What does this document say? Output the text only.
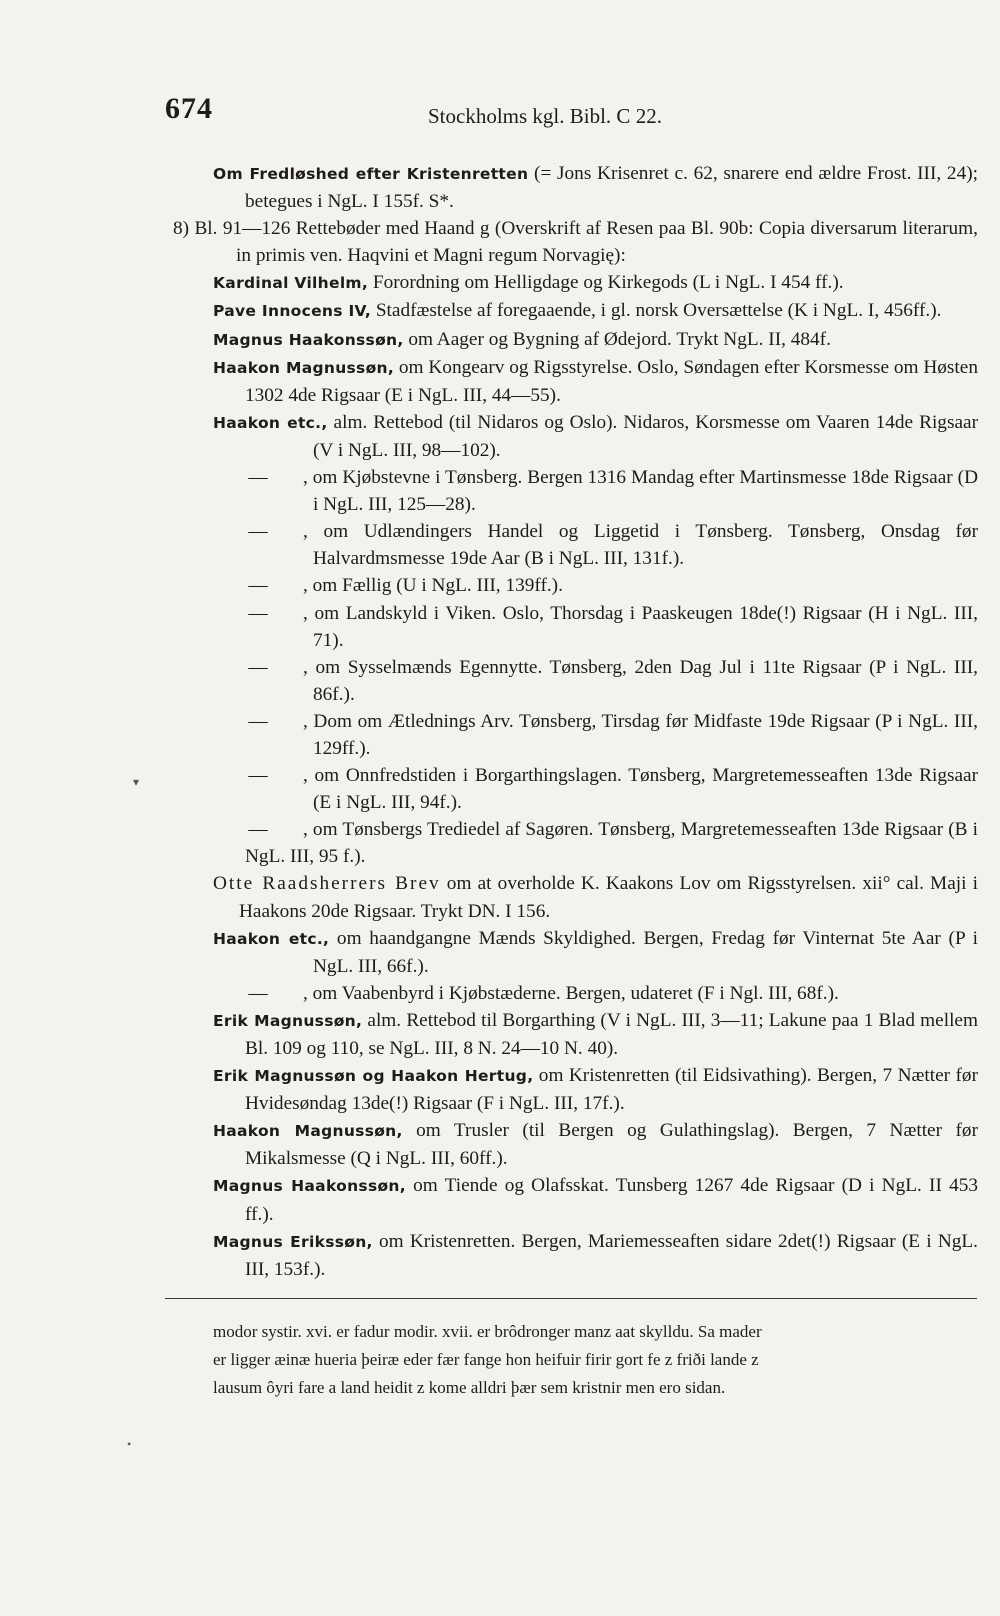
674	Stockholms kgl. Bibl. C 22.

Om Fredløshed efter Kristenretten (= Jons Krisenret c. 62, snarere end ældre Frost. III, 24); betegues i NgL. I 155f. S*.

8) Bl. 91—126 Rettebøder med Haand g (Overskrift af Resen paa Bl. 90b: Copia diversarum literarum, in primis ven. Haqvini et Magni regum Norvagię):

Kardinal Vilhelm, Forordning om Helligdage og Kirkegods (L i NgL. I 454 ff.).

Pave Innocens IV, Stadfæstelse af foregaaende, i gl. norsk Oversættelse (K i NgL. I, 456ff.).

Magnus Haakonssøn, om Aager og Bygning af Ødejord. Trykt NgL. II, 484f.

Haakon Magnussøn, om Kongearv og Rigsstyrelse. Oslo, Søndagen efter Korsmesse om Høsten 1302 4de Rigsaar (E i NgL. III, 44—55).

Haakon etc., alm. Rettebod (til Nidaros og Oslo). Nidaros, Korsmesse om Vaaren 14de Rigsaar (V i NgL. III, 98—102).

— , om Kjøbstevne i Tønsberg. Bergen 1316 Mandag efter Martinsmesse 18de Rigsaar (D i NgL. III, 125—28).

— , om Udlændingers Handel og Liggetid i Tønsberg. Tønsberg, Onsdag før Halvardmsmesse 19de Aar (B i NgL. III, 131f.).

— , om Fællig (U i NgL. III, 139ff.).

— , om Landskyld i Viken. Oslo, Thorsdag i Paaskeugen 18de(!) Rigsaar (H i NgL. III, 71).

— , om Sysselmænds Egennytte. Tønsberg, 2den Dag Jul i 11te Rigsaar (P i NgL. III, 86f.).

— , Dom om Ætlednings Arv. Tønsberg, Tirsdag før Midfaste 19de Rigsaar (P i NgL. III, 129ff.).

— , om Onnfredstiden i Borgarthingslagen. Tønsberg, Margretemesseaften 13de Rigsaar (E i NgL. III, 94f.).

— , om Tønsbergs Trediedel af Sagøren. Tønsberg, Margretemesseaften 13de Rigsaar (B i NgL. III, 95 f.).

Otte Raadsherrers Brev om at overholde K. Kaakons Lov om Rigsstyrelsen. xii° cal. Maji i Haakons 20de Rigsaar. Trykt DN. I 156.

Haakon etc., om haandgangne Mænds Skyldighed. Bergen, Fredag før Vinternat 5te Aar (P i NgL. III, 66f.).

— , om Vaabenbyrd i Kjøbstæderne. Bergen, udateret (F i Ngl. III, 68f.).

Erik Magnussøn, alm. Rettebod til Borgarthing (V i NgL. III, 3—11; Lakune paa 1 Blad mellem Bl. 109 og 110, se NgL. III, 8 N. 24—10 N. 40).

Erik Magnussøn og Haakon Hertug, om Kristenretten (til Eidsivathing). Bergen, 7 Nætter før Hvidesøndag 13de(!) Rigsaar (F i NgL. III, 17f.).

Haakon Magnussøn, om Trusler (til Bergen og Gulathingslag). Bergen, 7 Nætter før Mikalsmesse (Q i NgL. III, 60ff.).

Magnus Haakonssøn, om Tiende og Olafsskat. Tunsberg 1267 4de Rigsaar (D i NgL. II 453 ff.).

Magnus Erikssøn, om Kristenretten. Bergen, Mariemesseaften sidare 2det(!) Rigsaar (E i NgL. III, 153f.).

modor systir. xvi. er fadur modir. xvii. er brôdronger manz aat skylldu. Sa mader

er ligger æinæ hueria þeiræ eder fær fange hon heifuir firir gort fe z friði lande z

lausum ôyri fare a land heidit z kome alldri þær sem kristnir men ero sidan.

▾
•
